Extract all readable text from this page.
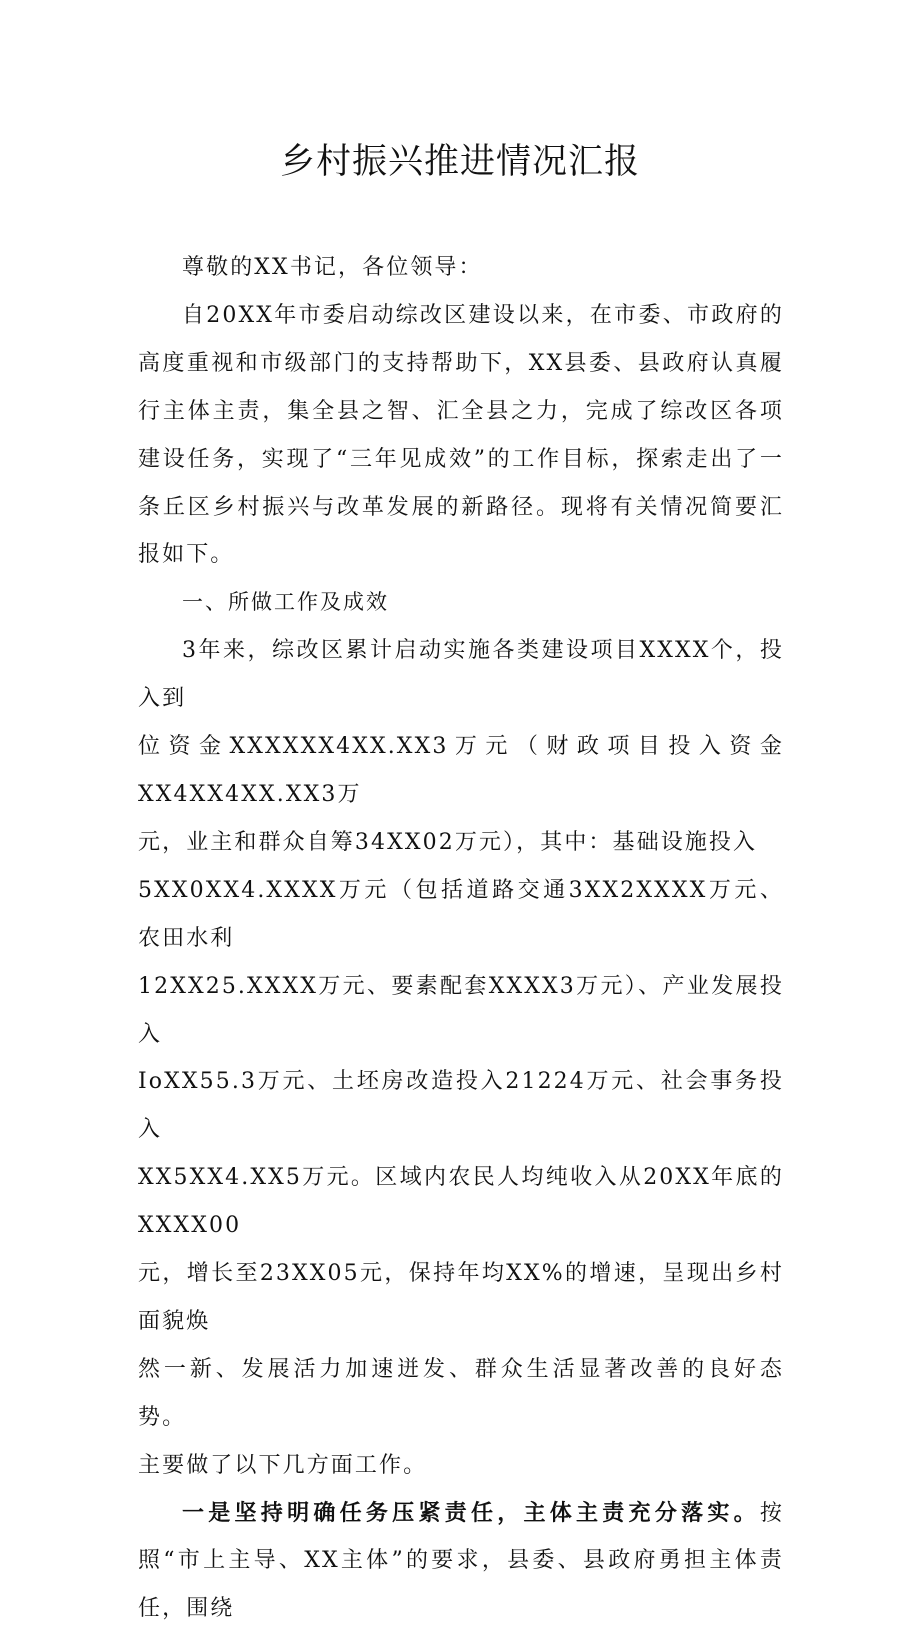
乡村振兴推进情况汇报

尊敬的XX书记，各位领导：

自20XX年市委启动综改区建设以来，在市委、市政府的高度重视和市级部门的支持帮助下，XX县委、县政府认真履行主体主责，集全县之智、汇全县之力，完成了综改区各项建设任务，实现了“三年见成效”的工作目标，探索走出了一条丘区乡村振兴与改革发展的新路径。现将有关情况简要汇报如下。

一、所做工作及成效

3年来，综改区累计启动实施各类建设项目XXXX个，投入到
位资金XXXXXX4XX.XX3万元（财政项目投入资金XX4XX4XX.XX3万
元，业主和群众自筹34XX02万元），其中：基础设施投入
5XX0XX4.XXXX万元（包括道路交通3XX2XXXX万元、农田水利
12XX25.XXXX万元、要素配套XXXX3万元）、产业发展投入
IoXX55.3万元、土坯房改造投入21224万元、社会事务投入
XX5XX4.XX5万元。区域内农民人均纯收入从20XX年底的XXXX00
元，增长至23XX05元，保持年均XX%的增速，呈现出乡村面貌焕
然一新、发展活力加速迸发、群众生活显著改善的良好态势。
主要做了以下几方面工作。

一是坚持明确任务压紧责任，主体主责充分落实。按照“市上主导、XX主体”的要求，县委、县政府勇担主体责任，围绕
